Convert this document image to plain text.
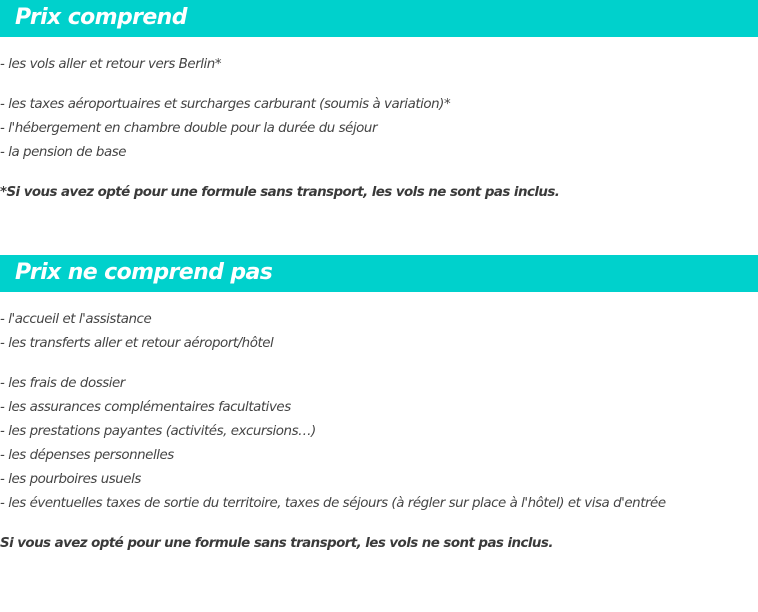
Prix comprend
- les vols aller et retour vers Berlin*
- les taxes aéroportuaires et surcharges carburant (soumis à variation)*
- l'hébergement en chambre double pour la durée du séjour
- la pension de base
*Si vous avez opté pour une formule sans transport, les vols ne sont pas inclus.
Prix ne comprend pas
- l'accueil et l'assistance
- les transferts aller et retour aéroport/hôtel
- les frais de dossier
- les assurances complémentaires facultatives
- les prestations payantes (activités, excursions…)
- les dépenses personnelles
- les pourboires usuels
- les éventuelles taxes de sortie du territoire, taxes de séjours (à régler sur place à l'hôtel) et visa d'entrée
Si vous avez opté pour une formule sans transport, les vols ne sont pas inclus.
